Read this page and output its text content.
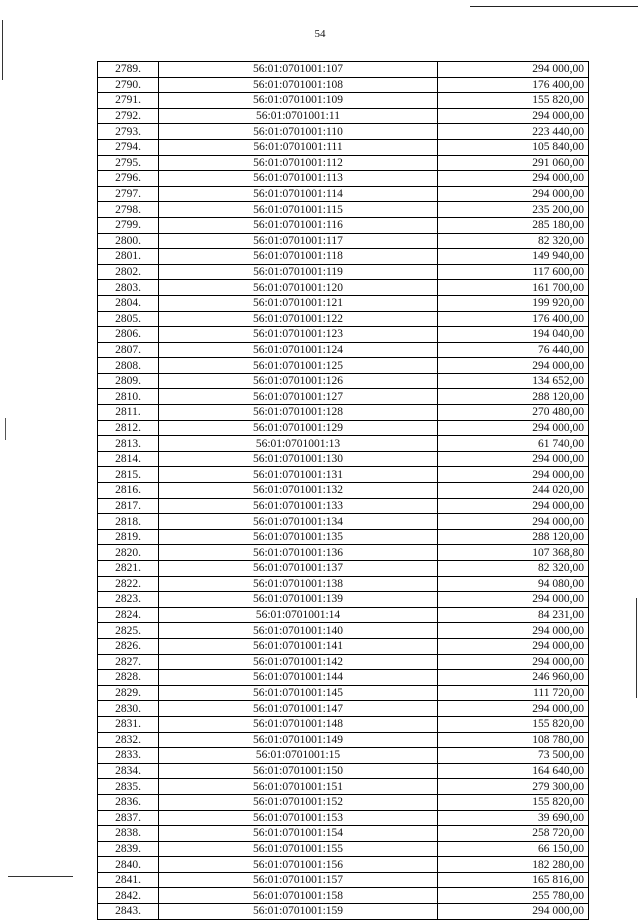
54
2789.	56:01:0701001:107	294 000,00
2790.	56:01:0701001:108	176 400,00
2791.	56:01:0701001:109	155 820,00
2792.	56:01:0701001:11	294 000,00
2793.	56:01:0701001:110	223 440,00
2794.	56:01:0701001:111	105 840,00
2795.	56:01:0701001:112	291 060,00
2796.	56:01:0701001:113	294 000,00
2797.	56:01:0701001:114	294 000,00
2798.	56:01:0701001:115	235 200,00
2799.	56:01:0701001:116	285 180,00
2800.	56:01:0701001:117	82 320,00
2801.	56:01:0701001:118	149 940,00
2802.	56:01:0701001:119	117 600,00
2803.	56:01:0701001:120	161 700,00
2804.	56:01:0701001:121	199 920,00
2805.	56:01:0701001:122	176 400,00
2806.	56:01:0701001:123	194 040,00
2807.	56:01:0701001:124	76 440,00
2808.	56:01:0701001:125	294 000,00
2809.	56:01:0701001:126	134 652,00
2810.	56:01:0701001:127	288 120,00
2811.	56:01:0701001:128	270 480,00
2812.	56:01:0701001:129	294 000,00
2813.	56:01:0701001:13	61 740,00
2814.	56:01:0701001:130	294 000,00
2815.	56:01:0701001:131	294 000,00
2816.	56:01:0701001:132	244 020,00
2817.	56:01:0701001:133	294 000,00
2818.	56:01:0701001:134	294 000,00
2819.	56:01:0701001:135	288 120,00
2820.	56:01:0701001:136	107 368,80
2821.	56:01:0701001:137	82 320,00
2822.	56:01:0701001:138	94 080,00
2823.	56:01:0701001:139	294 000,00
2824.	56:01:0701001:14	84 231,00
2825.	56:01:0701001:140	294 000,00
2826.	56:01:0701001:141	294 000,00
2827.	56:01:0701001:142	294 000,00
2828.	56:01:0701001:144	246 960,00
2829.	56:01:0701001:145	111 720,00
2830.	56:01:0701001:147	294 000,00
2831.	56:01:0701001:148	155 820,00
2832.	56:01:0701001:149	108 780,00
2833.	56:01:0701001:15	73 500,00
2834.	56:01:0701001:150	164 640,00
2835.	56:01:0701001:151	279 300,00
2836.	56:01:0701001:152	155 820,00
2837.	56:01:0701001:153	39 690,00
2838.	56:01:0701001:154	258 720,00
2839.	56:01:0701001:155	66 150,00
2840.	56:01:0701001:156	182 280,00
2841.	56:01:0701001:157	165 816,00
2842.	56:01:0701001:158	255 780,00
2843.	56:01:0701001:159	294 000,00
